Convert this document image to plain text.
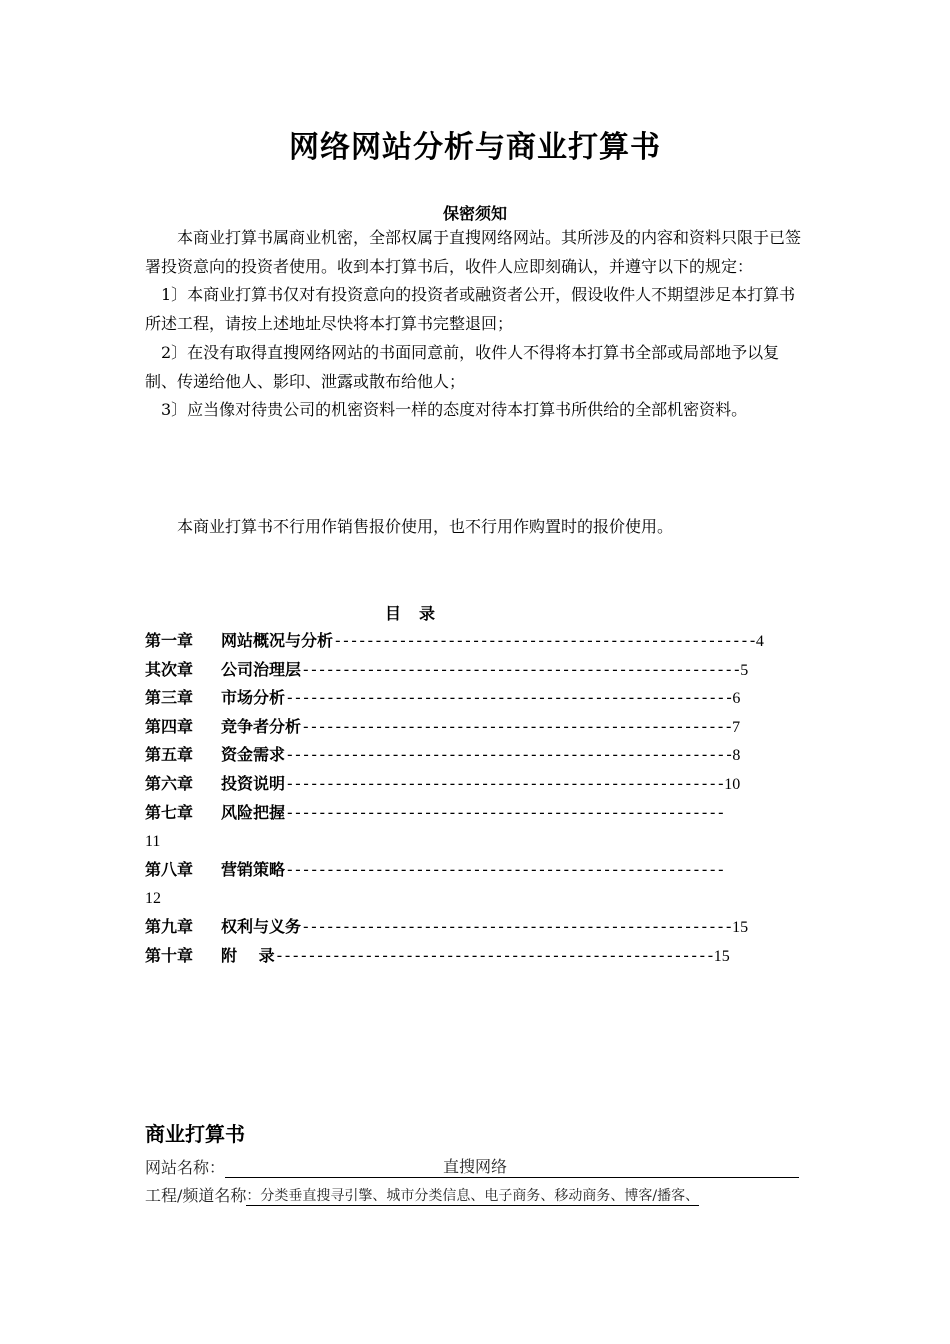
网络网站分析与商业打算书
保密须知

本商业打算书属商业机密，全部权属于直搜网络网站。其所涉及的内容和资料只限于已签署投资意向的投资者使用。收到本打算书后，收件人应即刻确认，并遵守以下的规定：

1〕本商业打算书仅对有投资意向的投资者或融资者公开，假设收件人不期望涉足本打算书所述工程，请按上述地址尽快将本打算书完整退回；

2〕在没有取得直搜网络网站的书面同意前，收件人不得将本打算书全部或局部地予以复制、传递给他人、影印、泄露或散布给他人；

3〕应当像对待贵公司的机密资料一样的态度对待本打算书所供给的全部机密资料。

本商业打算书不行用作销售报价使用，也不行用作购置时的报价使用。

目　录
第一章 网站概况与分析----------------------------------------------------4
其次章 公司治理层------------------------------------------------------5
第三章 市场分析-------------------------------------------------------6
第四章 竞争者分析-----------------------------------------------------7
第五章 资金需求-------------------------------------------------------8
第六章 投资说明------------------------------------------------------10
第七章 风险把握------------------------------------------------------
11
第八章 营销策略------------------------------------------------------
12
第九章 权利与义务-----------------------------------------------------15
第十章 附　 录------------------------------------------------------15
商业打算书
网站名称：	直搜网络
工程/频道名称：分类垂直搜寻引擎、城市分类信息、电子商务、移动商务、博客/播客、
